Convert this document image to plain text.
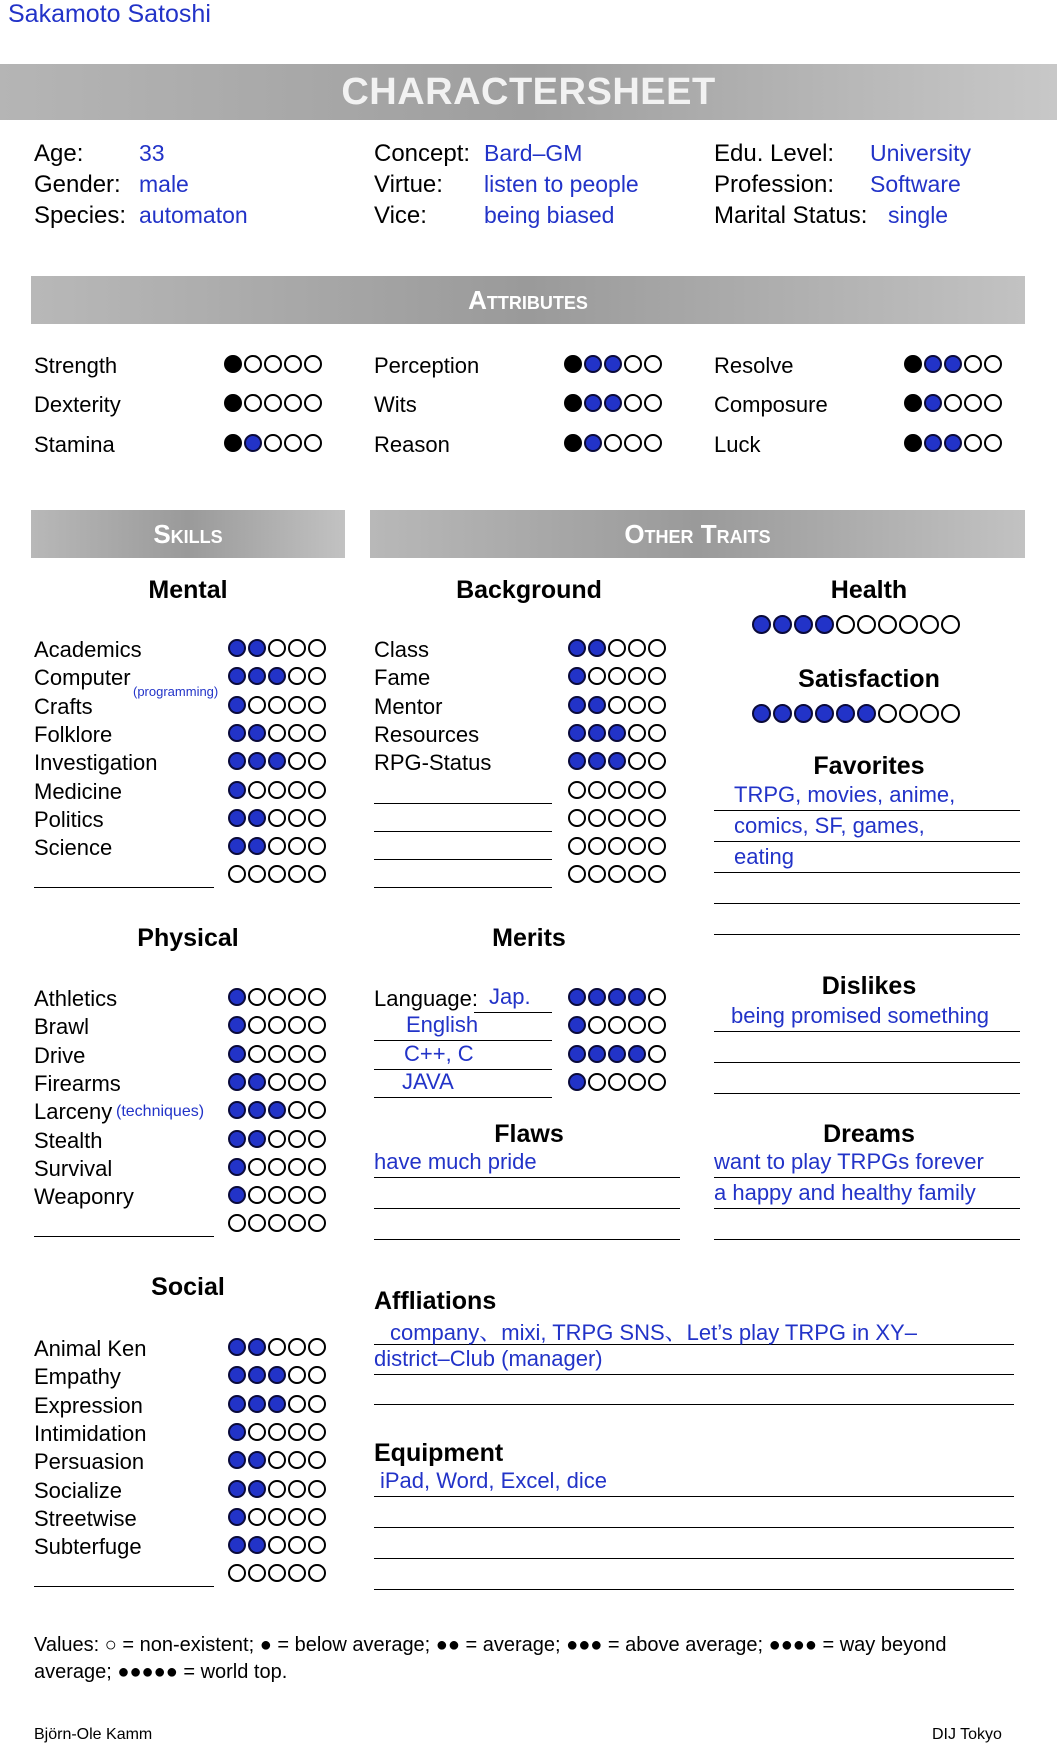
Sakamoto Satoshi
CHARACTERSHEET
Age: 33
Gender: male
Species: automaton
Concept: Bard–GM
Virtue: listen to people
Vice: being biased
Edu. Level: University
Profession: Software
Marital Status: single
Attributes
Skills	Other Traits
Mental
Physical
Social
Background
Merits
Flaws
Health
Satisfaction
Favorites
Dislikes
Dreams
Affliations
Equipment
Strength
Dexterity
Stamina
Perception
Wits
Reason
Resolve
Composure
Luck
Academics
Computer
Crafts
(programming)
Folklore
Investigation
Medicine
Politics
Science
Athletics
Brawl
Drive
Firearms
Larceny (techniques)
Stealth
Survival
Weaponry
Animal Ken
Empathy
Expression
Intimidation
Persuasion
Socialize
Streetwise
Subterfuge
Class
Fame
Mentor
Resources
RPG-Status
Language: Jap.
English
C++, C
JAVA
TRPG, movies, anime,
comics, SF, games,
eating
being promised something
want to play TRPGs forever
a happy and healthy family
have much pride
company、mixi, TRPG SNS、Let’s play TRPG in XY–
district–Club (manager)
iPad, Word, Excel, dice
Values: ○ = non-existent; ● = below average; ●● = average; ●●● = above average; ●●●● = way beyond average; ●●●●● = world top.
Björn-Ole Kamm	DIJ Tokyo
